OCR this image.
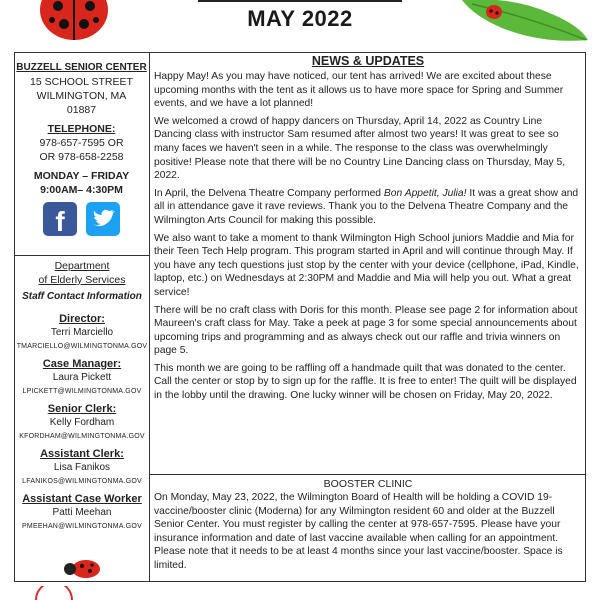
MAY 2022
BUZZELL SENIOR CENTER
15 SCHOOL STREET
WILMINGTON, MA
01887
TELEPHONE:
978-657-7595 OR
OR 978-658-2258
MONDAY – FRIDAY
9:00AM– 4:30PM
f
Department
of Elderly Services
Staff Contact Information
Director:
Terri Marciello
TMARCIELLO@WILMINGTONMA.GOV
Case Manager:
Laura Pickett
LPICKETT@WILMINGTONMA.GOV
Senior Clerk:
Kelly Fordham
KFORDHAM@WILMINGTONMA.GOV
Assistant Clerk:
Lisa Fanikos
LFANIKOS@WILMINGTONMA.GOV
Assistant Case Worker
Patti Meehan
PMEEHAN@WILMINGTONMA.GOV
NEWS & UPDATES

Happy May! As you may have noticed, our tent has arrived! We are excited about these upcoming months with the tent as it allows us to have more space for Spring and Summer events, and we have a lot planned!

We welcomed a crowd of happy dancers on Thursday, April 14, 2022 as Country Line Dancing class with instructor Sam resumed after almost two years! It was great to see so many faces we haven't seen in a while. The response to the class was overwhelmingly positive! Please note that there will be no Country Line Dancing class on Thursday, May 5, 2022.

In April, the Delvena Theatre Company performed Bon Appetit, Julia! It was a great show and all in attendance gave it rave reviews. Thank you to the Delvena Theatre Company and the Wilmington Arts Council for making this possible.

We also want to take a moment to thank Wilmington High School juniors Maddie and Mia for their Teen Tech Help program. This program started in April and will continue through May. If you have any tech questions just stop by the center with your device (cellphone, iPad, Kindle, laptop, etc.) on Wednesdays at 2:30PM and Maddie and Mia will help you out. What a great service!

There will be no craft class with Doris for this month. Please see page 2 for information about Maureen's craft class for May. Take a peek at page 3 for some special announcements about upcoming trips and programming and as always check out our raffle and trivia winners on page 5.

This month we are going to be raffling off a handmade quilt that was donated to the center. Call the center or stop by to sign up for the raffle. It is free to enter! The quilt will be displayed in the lobby until the drawing. One lucky winner will be chosen on Friday, May 20, 2022.

BOOSTER CLINIC

On Monday, May 23, 2022, the Wilmington Board of Health will be holding a COVID 19-vaccine/booster clinic (Moderna) for any Wilmington resident 60 and older at the Buzzell Senior Center. You must register by calling the center at 978-657-7595. Please have your insurance information and date of last vaccine available when calling for an appointment. Please note that it needs to be at least 4 months since your last vaccine/booster. Space is limited.
